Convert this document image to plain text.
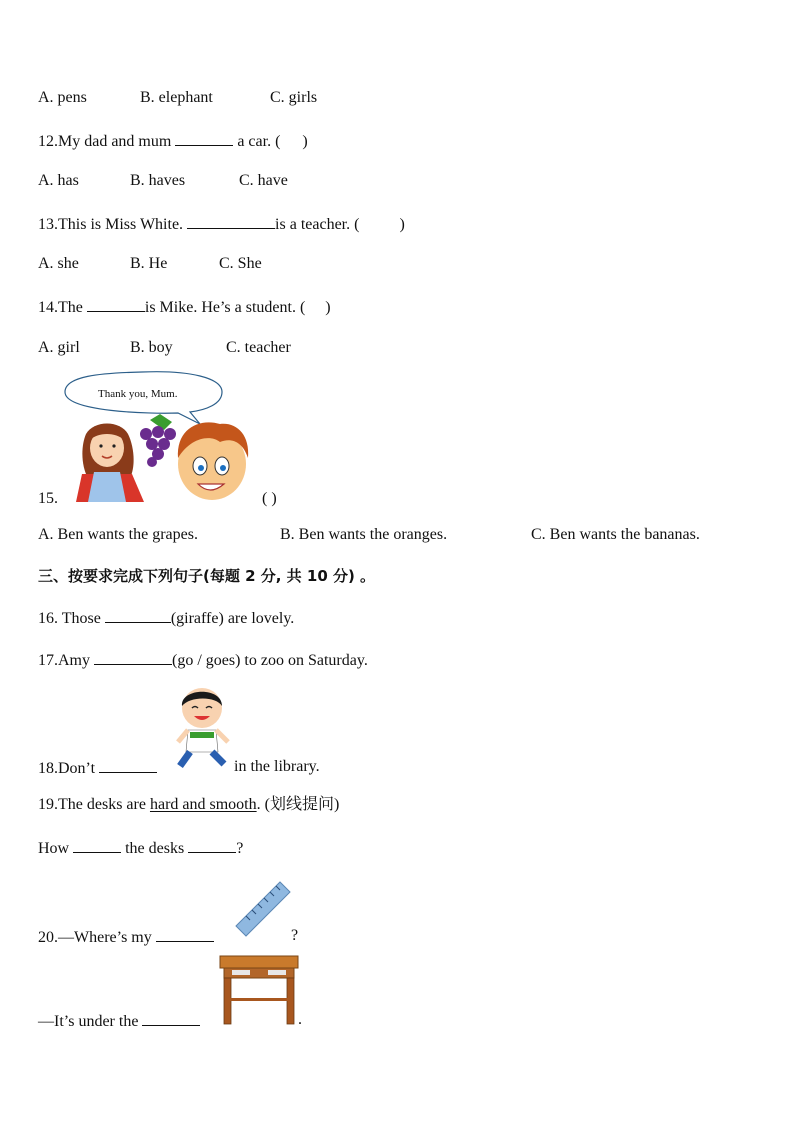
A. pens	B. elephant	C. girls
12.My dad and mum	a car. ( )
A. has	B. haves	C. have
13.This is Miss White.	is a teacher. (	)
A. she	B. He	C. She
14.The	is Mike. He’s a student. ( )
A. girl	B. boy	C. teacher
15.	( )
Thank you, Mum.
A. Ben wants the grapes.	B. Ben wants the oranges.	C. Ben wants the bananas.
三、按要求完成下列句子(每题 2 分, 共 10 分) 。
16. Those	(giraffe) are lovely.
17.Amy	(go / goes) to zoo on Saturday.
18.Don’t	in the library.
19.The desks are hard and smooth. (划线提问)
How	the desks	?
20.—Where’s my	?
—It’s under the	.
